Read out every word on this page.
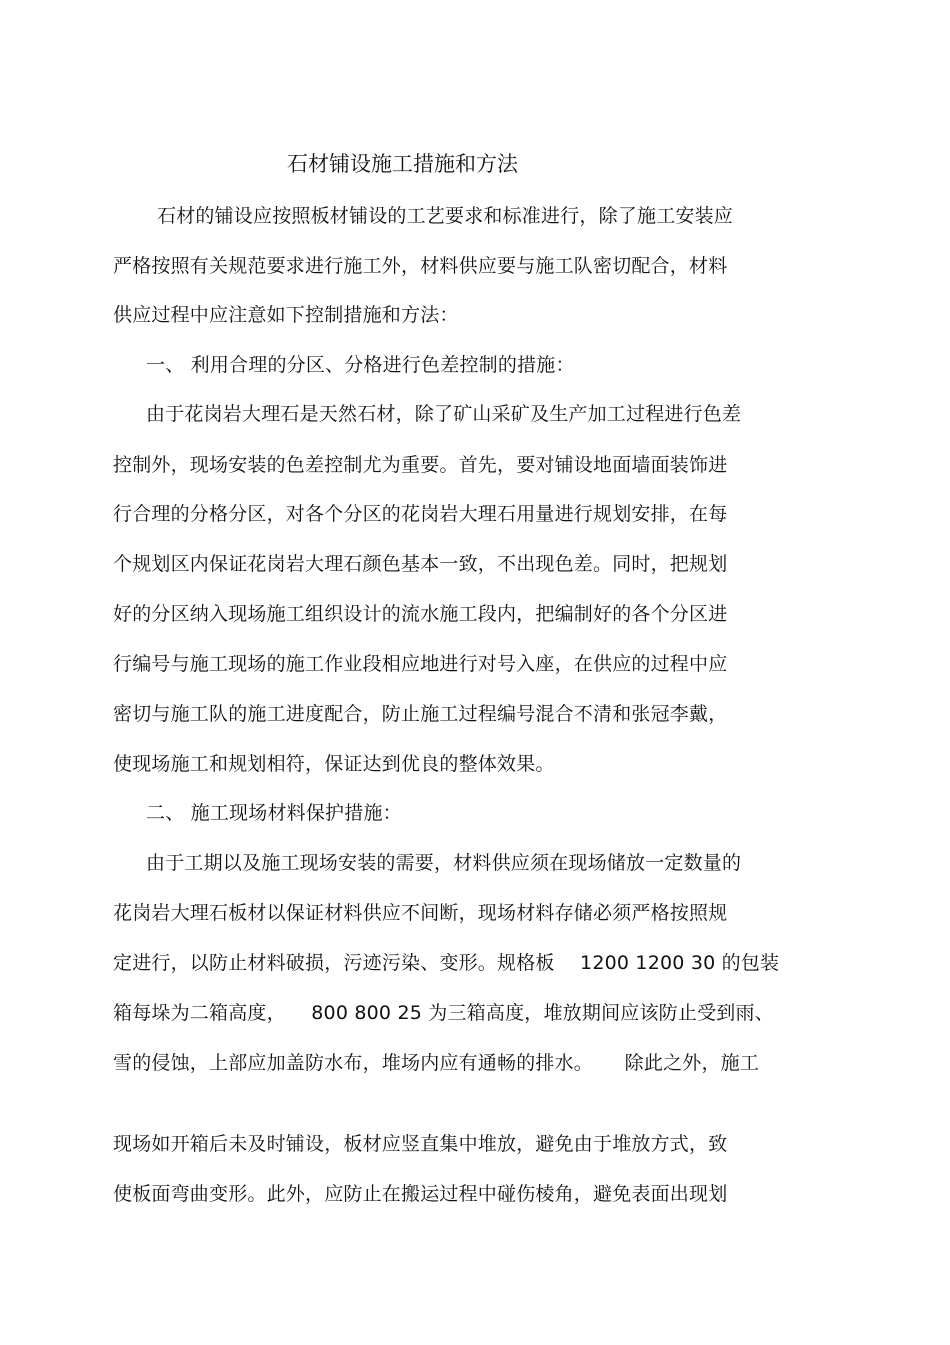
石材铺设施工措施和方法
石材的铺设应按照板材铺设的工艺要求和标准进行，除了施工安装应
严格按照有关规范要求进行施工外，材料供应要与施工队密切配合，材料
供应过程中应注意如下控制措施和方法：
一、 利用合理的分区、分格进行色差控制的措施：
由于花岗岩大理石是天然石材，除了矿山采矿及生产加工过程进行色差
控制外，现场安装的色差控制尤为重要。首先，要对铺设地面墙面装饰进
行合理的分格分区，对各个分区的花岗岩大理石用量进行规划安排，在每
个规划区内保证花岗岩大理石颜色基本一致，不出现色差。同时，把规划
好的分区纳入现场施工组织设计的流水施工段内，把编制好的各个分区进
行编号与施工现场的施工作业段相应地进行对号入座，在供应的过程中应
密切与施工队的施工进度配合，防止施工过程编号混合不清和张冠李戴，
使现场施工和规划相符，保证达到优良的整体效果。
二、 施工现场材料保护措施：
由于工期以及施工现场安装的需要，材料供应须在现场储放一定数量的
花岗岩大理石板材以保证材料供应不间断，现场材料存储必须严格按照规
定进行，以防止材料破损，污迹污染、变形。规格板 　1200 1200 30 的包装
箱每垛为二箱高度， 　800 800 25 为三箱高度，堆放期间应该防止受到雨、
雪的侵蚀，上部应加盖防水布，堆场内应有通畅的排水。 　 除此之外，施工
现场如开箱后未及时铺设，板材应竖直集中堆放，避免由于堆放方式，致
使板面弯曲变形。此外，应防止在搬运过程中碰伤棱角，避免表面出现划
